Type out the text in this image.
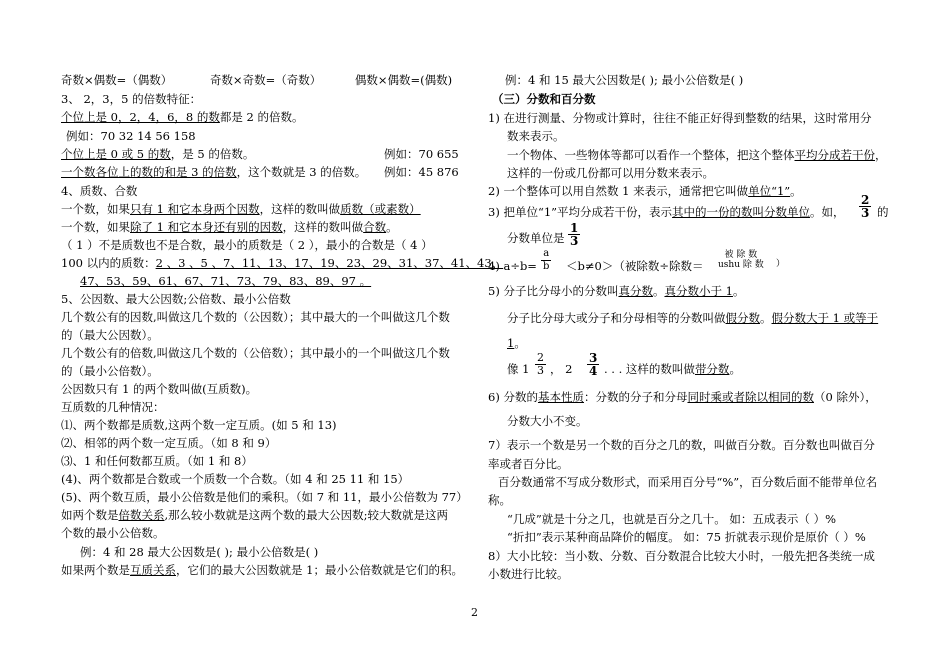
奇数×偶数=（偶数）	奇数×奇数=（奇数）	偶数×偶数=(偶数)
3、 2，3，5 的倍数特征：
个位上是 0，2，4，6，8 的数都是 2 的倍数。
例如：70 32 14 56 158
个位上是 0 或 5 的数，是 5 的倍数。	例如：70 655
一个数各位上的数的和是 3 的倍数，这个数就是 3 的倍数。 例如：45 876
4、质数、合数
一个数，如果只有 1 和它本身两个因数，这样的数叫做质数（或素数）
一个数，如果除了 1 和它本身还有别的因数，这样的数叫做合数。
（ 1 ）不是质数也不是合数，最小的质数是（ 2 ），最小的合数是（ 4 ）
100 以内的质数：2 、3 、5 、7、11、13、17、19、23、29、31、37、41、43、
47、53、59、61、67、71、73、79、83、89、97 。
5、公因数、最大公因数;公倍数、最小公倍数
几个数公有的因数,叫做这几个数的（公因数）；其中最大的一个叫做这几个数
的（最大公因数）。
几个数公有的倍数,叫做这几个数的（公倍数）；其中最小的一个叫做这几个数
的（最小公倍数）。
公因数只有 1 的两个数叫做(互质数)。
互质数的几种情况：
⑴、两个数都是质数,这两个数一定互质。(如 5 和 13)
⑵、相邻的两个数一定互质。（如 8 和 9）
⑶、1 和任何数都互质。（如 1 和 8）
(4)、两个数都是合数或一个质数一个合数。（如 4 和 25 11 和 15）
(5)、两个数互质，最小公倍数是他们的乘积。（如 7 和 11，最小公倍数为 77）
如两个数是倍数关系,那么较小数就是这两个数的最大公因数;较大数就是这两
个数的最小公倍数。
例：4 和 28 最大公因数是( ); 最小公倍数是( )
如果两个数是互质关系，它们的最大公因数就是 1；最小公倍数就是它们的积。
例：4 和 15 最大公因数是( ); 最小公倍数是( )
（三）分数和百分数
1) 在进行测量、分物或计算时，往往不能正好得到整数的结果，这时常用分
数来表示。
一个物体、一些物体等都可以看作一个整体，把这个整体平均分成若干份，
这样的一份或几份都可以用分数来表示。
2) 一个整体可以用自然数 1 来表示，通常把它叫做单位“1”。
3) 把单位“1”平均分成若干份，表示其中的一份的数叫分数单位。如， $\frac{2}{3}$ 的
分数单位是 $\frac{1}{3}$
4) $a\div b= \frac{a}{b} <b\ne 0>$（被除数÷除数＝
被 除 数
ushu 除 数 ）
5) 分子比分母小的分数叫真分数。真分数小于 1。
分子比分母大或分子和分母相等的分数叫做假分数。假分数大于 1 或等于
1。
像 $1 \frac{2}{3}$ ， $2 \frac{3}{4}$ . . . 这样的数叫做带分数。
6) 分数的基本性质：分数的分子和分母同时乘或者除以相同的数（0 除外），
分数大小不变。
7）表示一个数是另一个数的百分之几的数，叫做百分数。百分数也叫做百分
率或者百分比。
百分数通常不写成分数形式，而采用百分号“%”，百分数后面不能带单位名
称。
“几成”就是十分之几，也就是百分之几十。 如：五成表示（ ）%
“折扣”表示某种商品降价的幅度。 如：75 折就表示现价是原价（ ）%
8）大小比较：当小数、分数、百分数混合比较大小时，一般先把各类统一成
小数进行比较。
2
